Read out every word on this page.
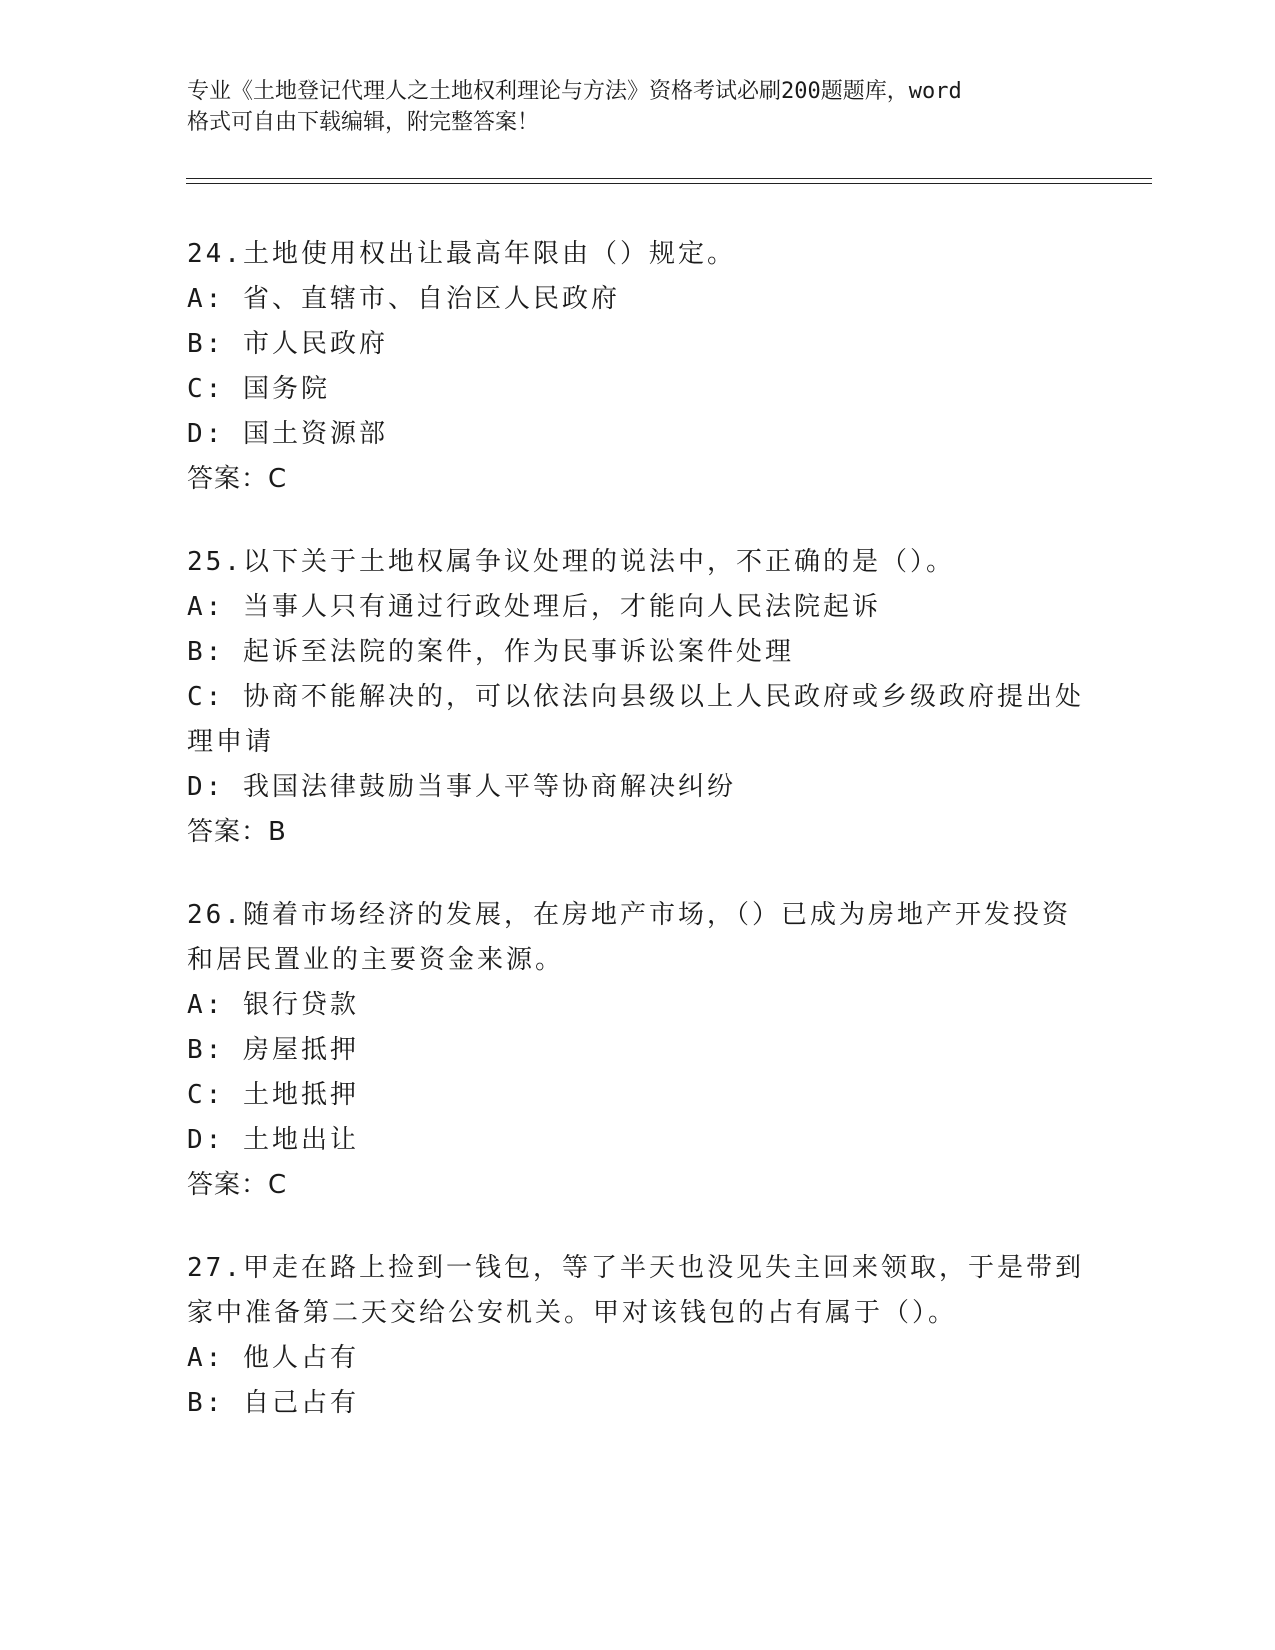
专业《土地登记代理人之土地权利理论与方法》资格考试必刷200题题库，word
格式可自由下载编辑，附完整答案！
24.土地使用权出让最高年限由（）规定。
A: 省、直辖市、自治区人民政府
B: 市人民政府
C: 国务院
D: 国土资源部
答案：C
25.以下关于土地权属争议处理的说法中，不正确的是（）。
A: 当事人只有通过行政处理后，才能向人民法院起诉
B: 起诉至法院的案件，作为民事诉讼案件处理
C: 协商不能解决的，可以依法向县级以上人民政府或乡级政府提出处
理申请
D: 我国法律鼓励当事人平等协商解决纠纷
答案：B
26.随着市场经济的发展，在房地产市场，（）已成为房地产开发投资
和居民置业的主要资金来源。
A: 银行贷款
B: 房屋抵押
C: 土地抵押
D: 土地出让
答案：C
27.甲走在路上捡到一钱包，等了半天也没见失主回来领取，于是带到
家中准备第二天交给公安机关。甲对该钱包的占有属于（）。
A: 他人占有
B: 自己占有
